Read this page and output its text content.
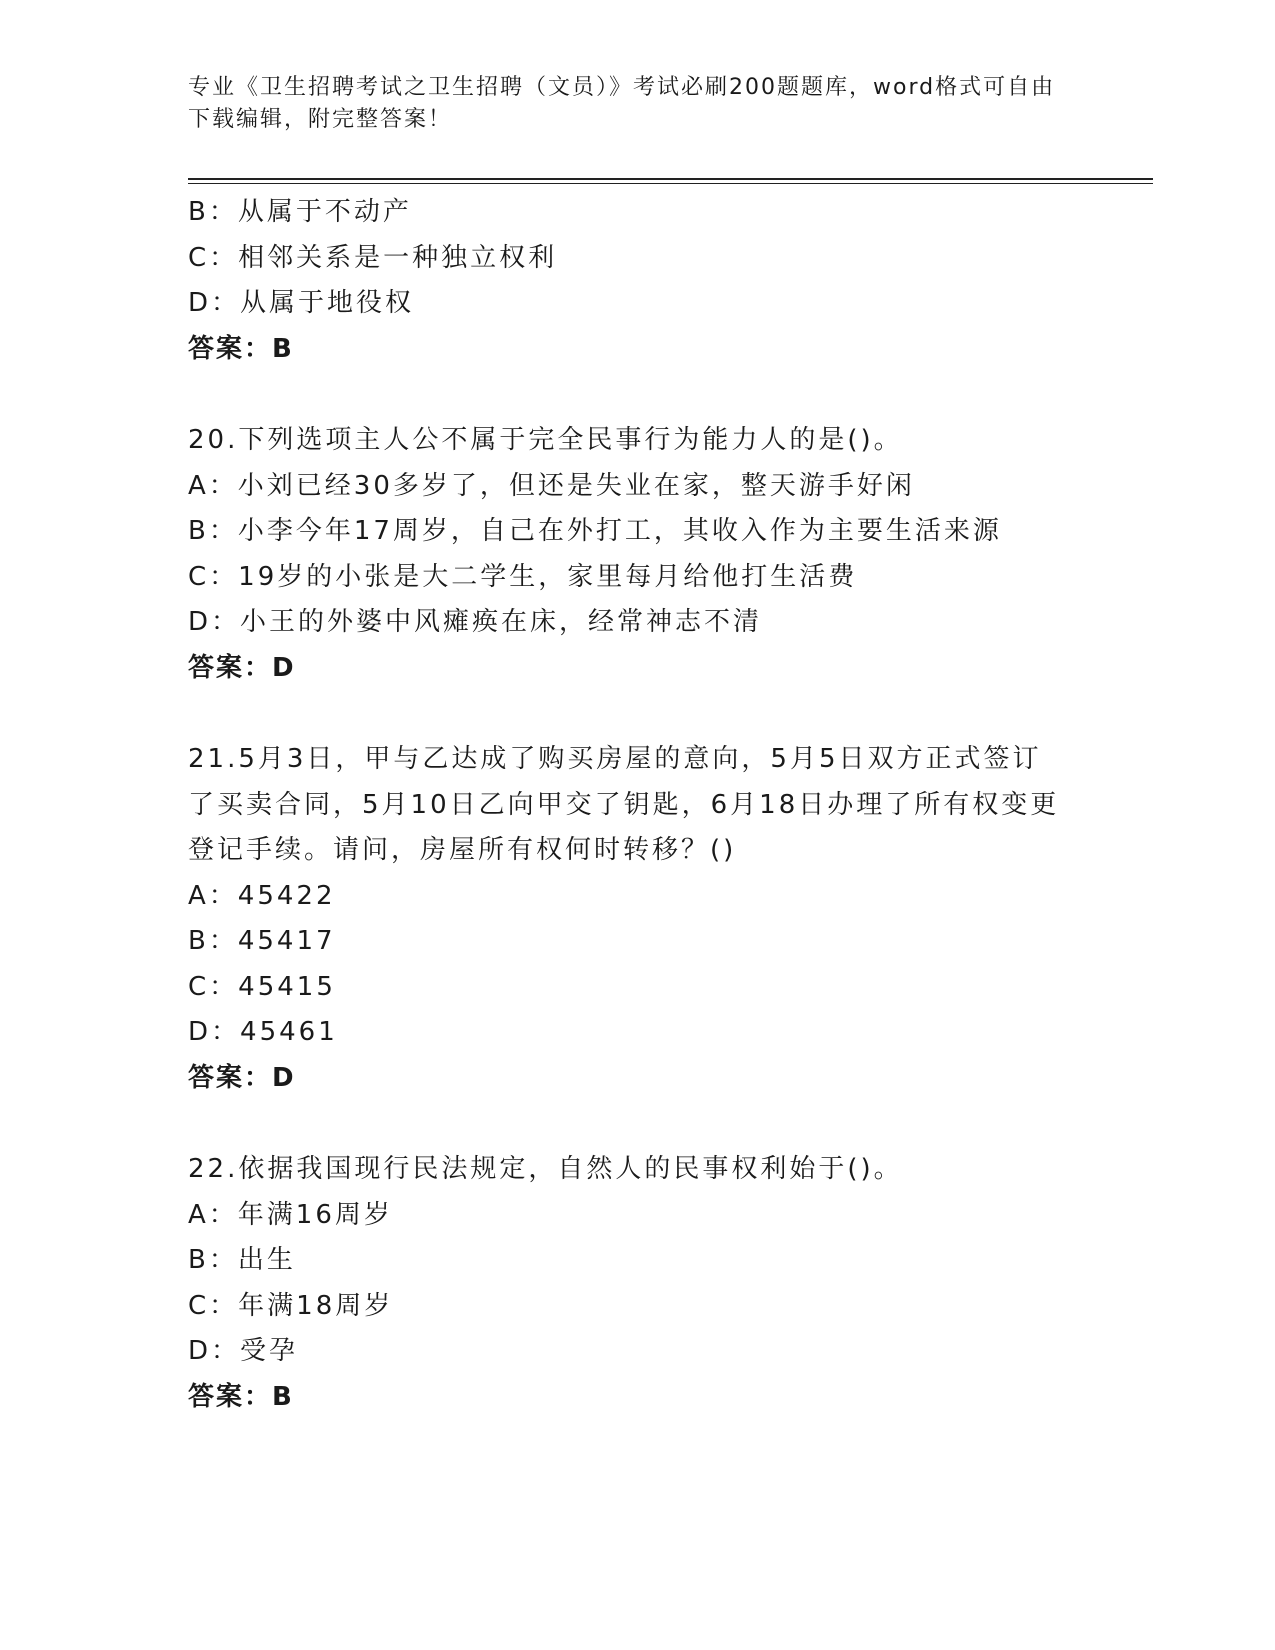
专业《卫生招聘考试之卫生招聘（文员）》考试必刷200题题库，word格式可自由下载编辑，附完整答案！
B：从属于不动产
C：相邻关系是一种独立权利
D：从属于地役权
答案：B
20.下列选项主人公不属于完全民事行为能力人的是()。
A：小刘已经30多岁了，但还是失业在家，整天游手好闲
B：小李今年17周岁，自己在外打工，其收入作为主要生活来源
C：19岁的小张是大二学生，家里每月给他打生活费
D：小王的外婆中风瘫痪在床，经常神志不清
答案：D
21.5月3日，甲与乙达成了购买房屋的意向，5月5日双方正式签订
了买卖合同，5月10日乙向甲交了钥匙，6月18日办理了所有权变更
登记手续。请问，房屋所有权何时转移？()
A：45422
B：45417
C：45415
D：45461
答案：D
22.依据我国现行民法规定，自然人的民事权利始于()。
A：年满16周岁
B：出生
C：年满18周岁
D：受孕
答案：B
